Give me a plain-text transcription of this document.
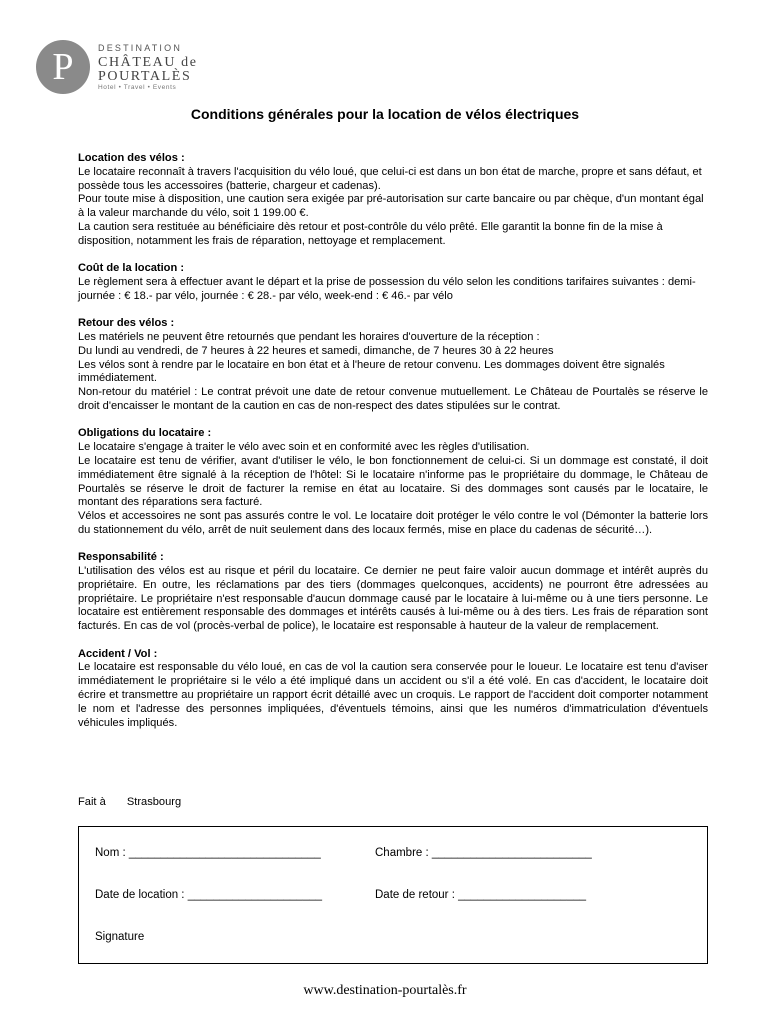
P	DESTINATION
CHÂTEAU de
POURTALÈS
Hotel • Travel • Events
Conditions générales pour la location de vélos électriques
Location des vélos :

Le locataire reconnaît à travers l'acquisition du vélo loué, que celui-ci est dans un bon état de marche, propre et sans défaut, et possède tous les accessoires (batterie, chargeur et cadenas).

Pour toute mise à disposition, une caution sera exigée par pré-autorisation sur carte bancaire ou par chèque, d'un montant égal à la valeur marchande du vélo, soit 1 199.00 €.

La caution sera restituée au bénéficiaire dès retour et post-contrôle du vélo prêté. Elle garantit la bonne fin de la mise à disposition, notamment les frais de réparation, nettoyage et remplacement.

Coût de la location :

Le règlement sera à effectuer avant le départ et la prise de possession du vélo selon les conditions tarifaires suivantes : demi-journée : € 18.- par vélo, journée : € 28.- par vélo, week-end : € 46.- par vélo

Retour des vélos :

Les matériels ne peuvent être retournés que pendant les horaires d'ouverture de la réception :

Du lundi au vendredi, de 7 heures à 22 heures et samedi, dimanche, de 7 heures 30 à 22 heures

Les vélos sont à rendre par le locataire en bon état et à l'heure de retour convenu. Les dommages doivent être signalés immédiatement.

Non-retour du matériel : Le contrat prévoit une date de retour convenue mutuellement. Le Château de Pourtalès se réserve le droit d'encaisser le montant de la caution en cas de non-respect des dates stipulées sur le contrat.

Obligations du locataire :

Le locataire s'engage à traiter le vélo avec soin et en conformité avec les règles d'utilisation.

Le locataire est tenu de vérifier, avant d'utiliser le vélo, le bon fonctionnement de celui-ci. Si un dommage est constaté, il doit immédiatement être signalé à la réception de l'hôtel: Si le locataire n'informe pas le propriétaire du dommage, le Château de Pourtalès se réserve le droit de facturer la remise en état au locataire. Si des dommages sont causés par le locataire, le montant des réparations sera facturé.

Vélos et accessoires ne sont pas assurés contre le vol. Le locataire doit protéger le vélo contre le vol (Démonter la batterie lors du stationnement du vélo, arrêt de nuit seulement dans des locaux fermés, mise en place du cadenas de sécurité…).

Responsabilité :

L'utilisation des vélos est au risque et péril du locataire. Ce dernier ne peut faire valoir aucun dommage et intérêt auprès du propriétaire. En outre, les réclamations par des tiers (dommages quelconques, accidents) ne pourront être adressées au propriétaire. Le propriétaire n'est responsable d'aucun dommage causé par le locataire à lui-même ou à une tiers personne. Le locataire est entièrement responsable des dommages et intérêts causés à lui-même ou à des tiers. Les frais de réparation sont facturés. En cas de vol (procès-verbal de police), le locataire est responsable à hauteur de la valeur de remplacement.

Accident / Vol :

Le locataire est responsable du vélo loué, en cas de vol la caution sera conservée pour le loueur. Le locataire est tenu d'aviser immédiatement le propriétaire si le vélo a été impliqué dans un accident ou s'il a été volé. En cas d'accident, le locataire doit écrire et transmettre au propriétaire un rapport écrit détaillé avec un croquis. Le rapport de l'accident doit comporter notamment le nom et l'adresse des personnes impliquées, d'éventuels témoins, ainsi que les numéros d'immatriculation d'éventuels véhicules impliqués.

Fait à Strasbourg
Nom : ______________________________	Chambre : _________________________
Date de location : _____________________	Date de retour : ____________________
Signature
www.destination-pourtalès.fr
